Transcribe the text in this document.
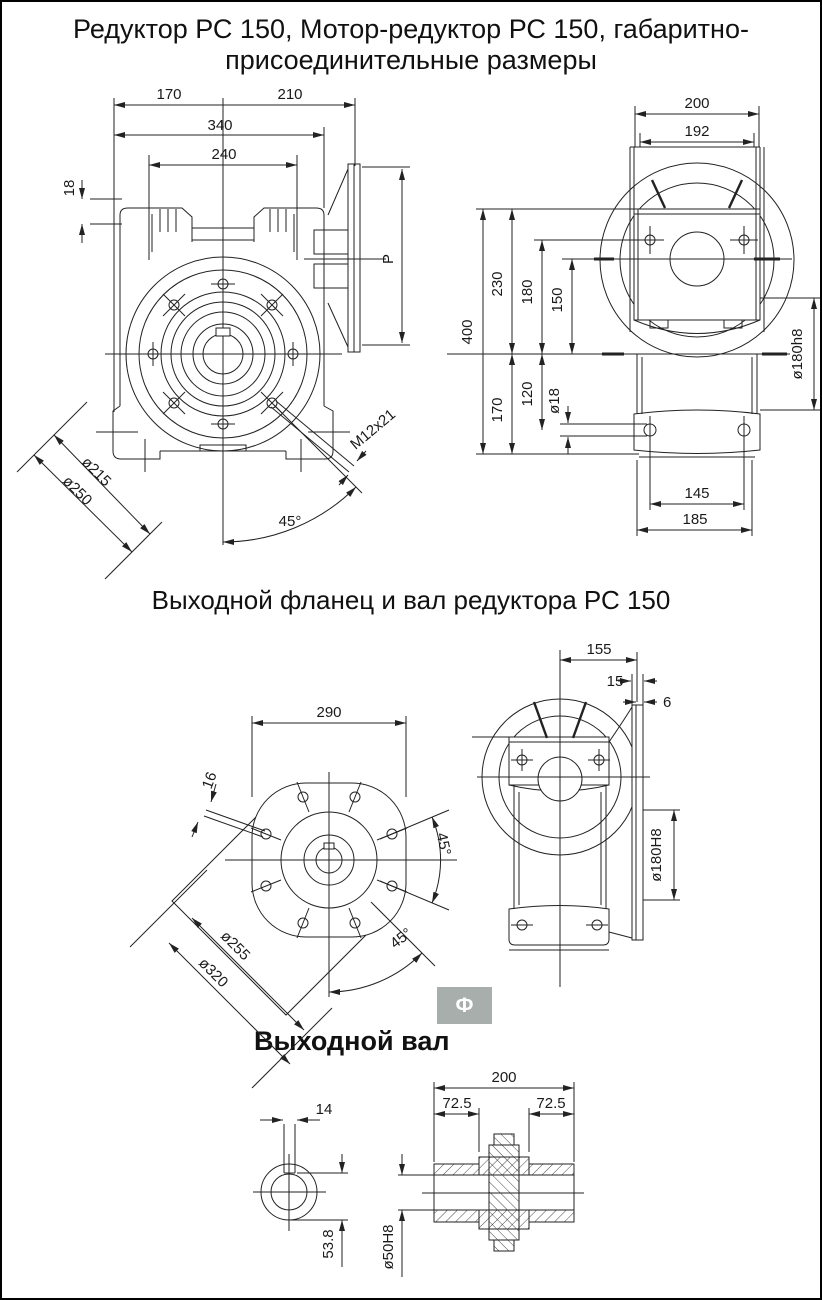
Редуктор РС 150, Мотор-редуктор РС 150, габаритно-присоединительные размеры
Выходной фланец и вал редуктора РС 150
Выходной вал
Ф
170	210
340
240
18
P
ø215
ø250
M12x21
45°
200
192
400
230
170
180
120
150
ø18
ø180h8
145
185
290
16
ø255
ø320
45°
45°
155
15
6
ø180H8
14
53.8
200
72.5	72.5
ø50H8
